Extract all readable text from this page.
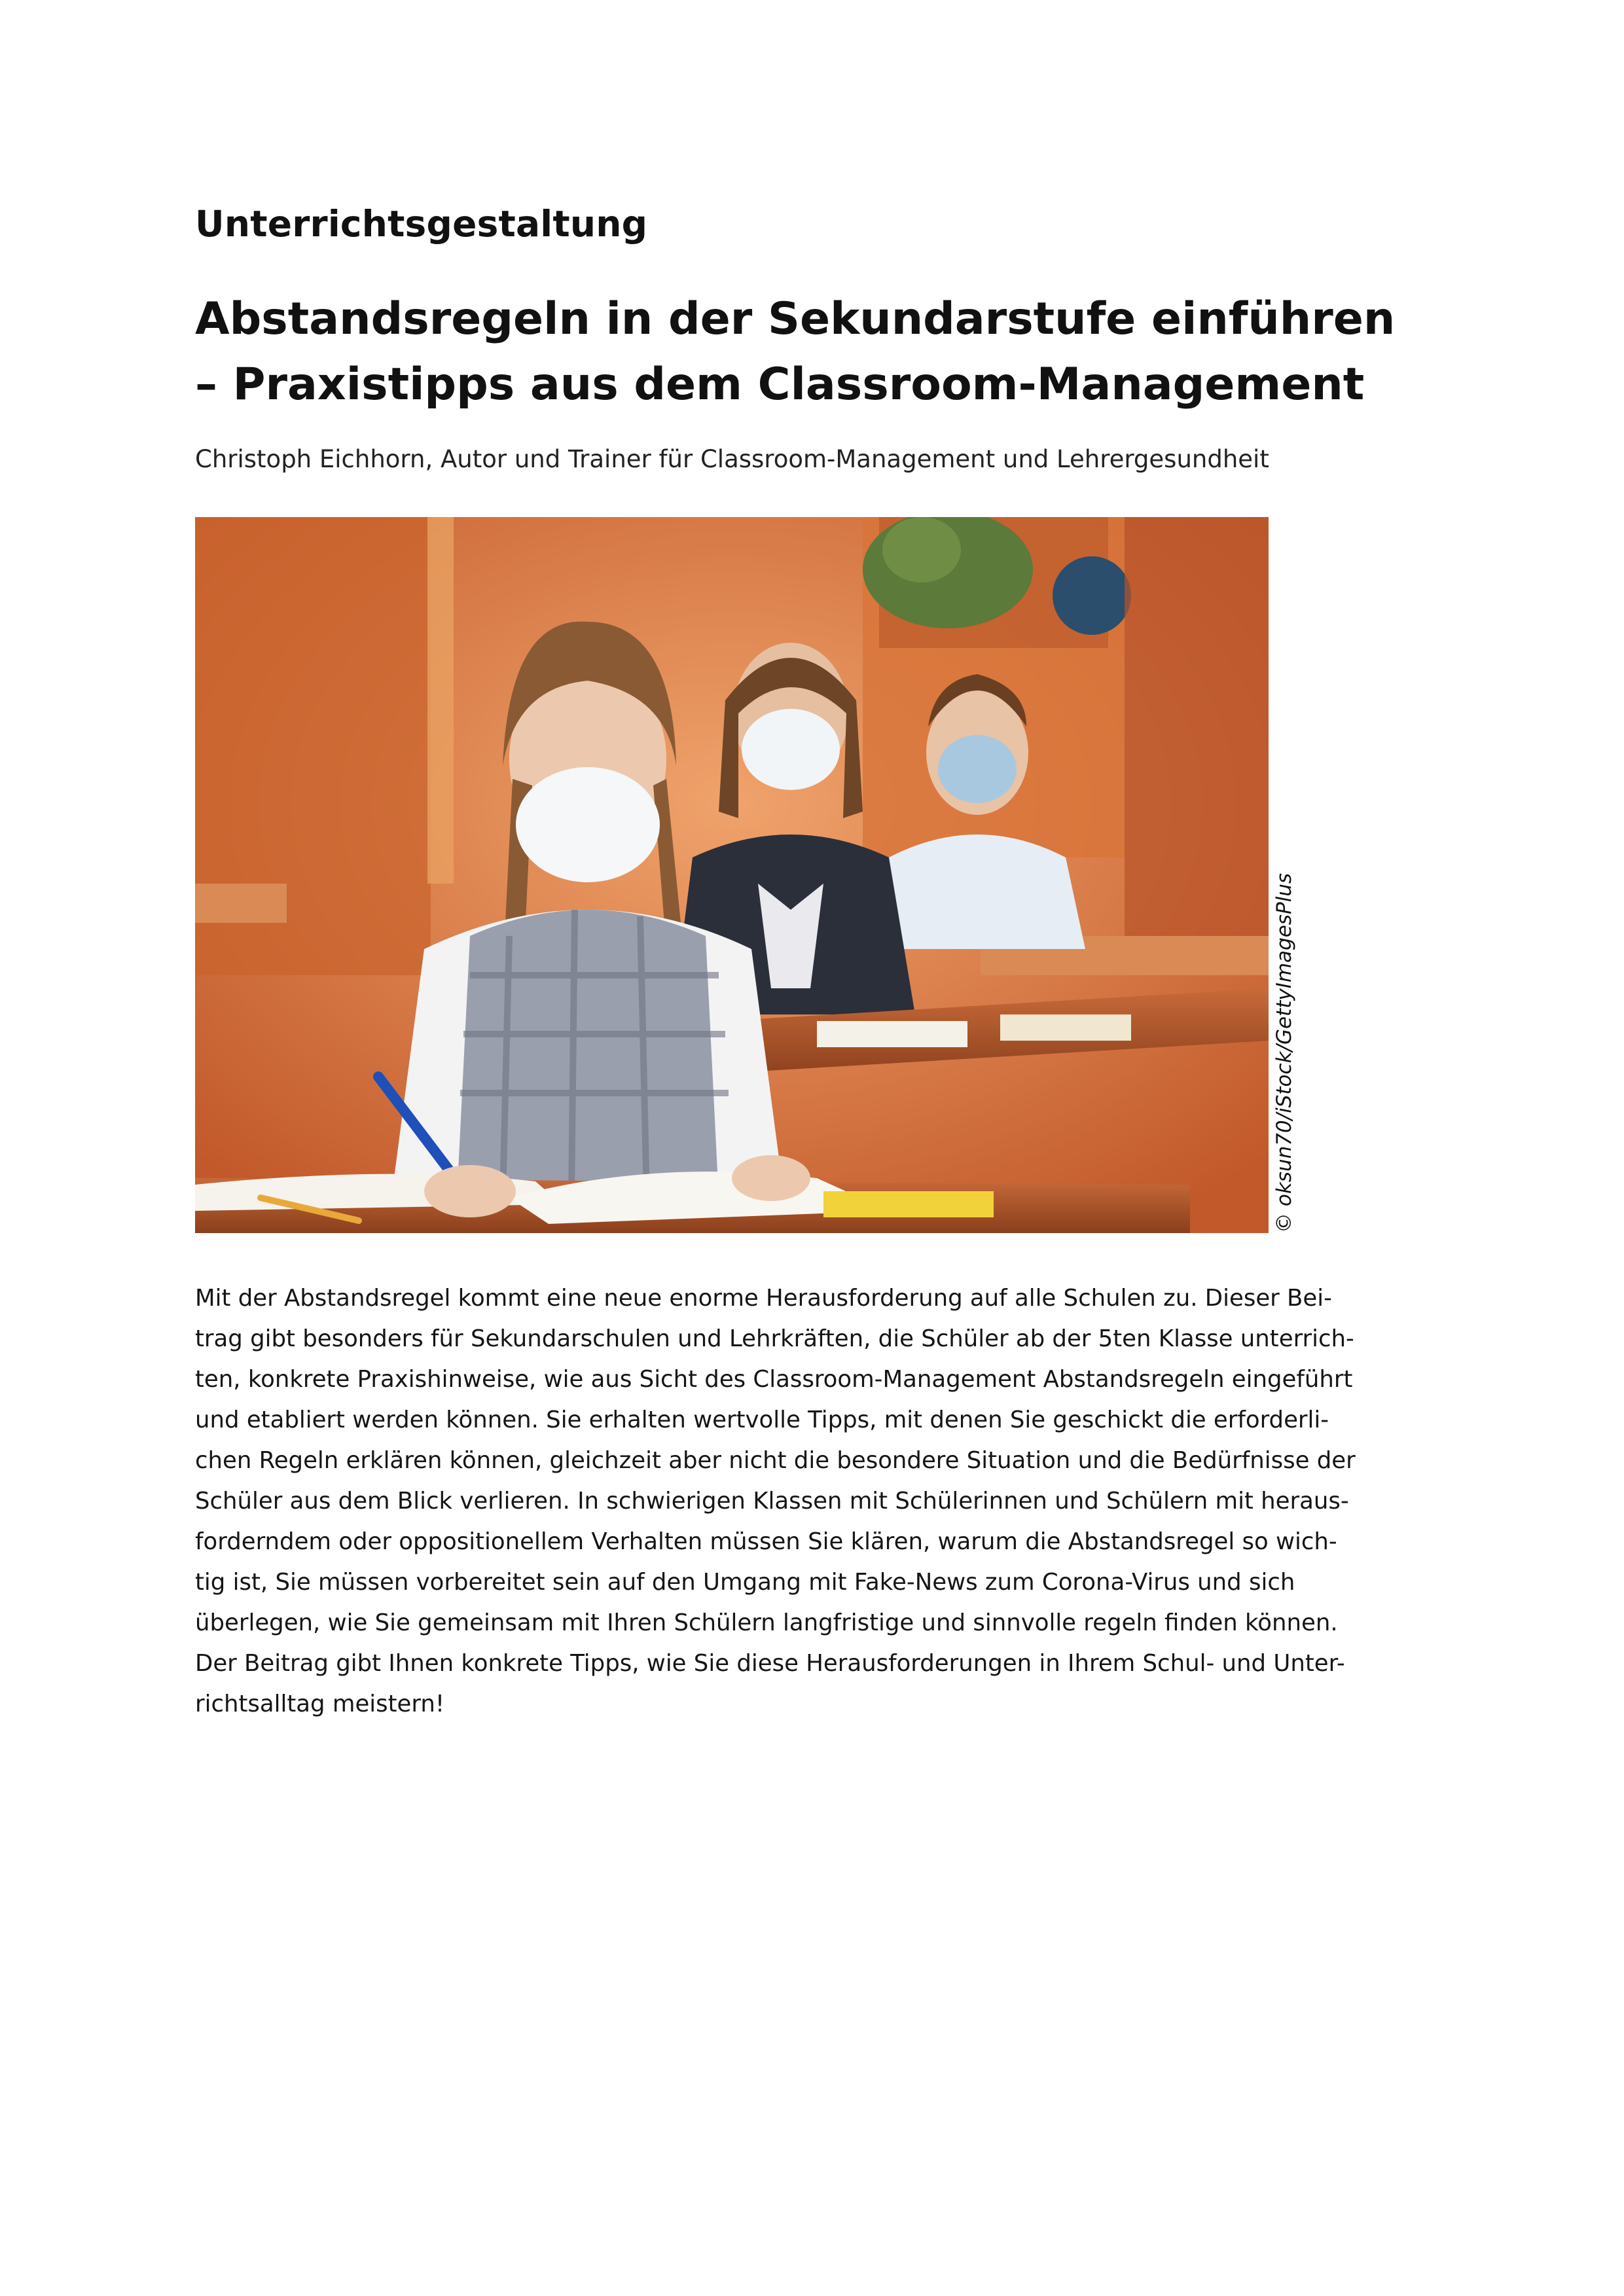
Unterrichtsgestaltung
Abstandsregeln in der Sekundarstufe einführen
– Praxistipps aus dem Classroom-Management

Christoph Eichhorn, Autor und Trainer für Classroom-Management und Lehrergesundheit

© oksun70/iStock/GettyImagesPlus
Mit der Abstandsregel kommt eine neue enorme Herausforderung auf alle Schulen zu. Dieser Bei-
trag gibt besonders für Sekundarschulen und Lehrkräften, die Schüler ab der 5ten Klasse unterrich-
ten, konkrete Praxishinweise, wie aus Sicht des Classroom-Management Abstandsregeln eingeführt
und etabliert werden können. Sie erhalten wertvolle Tipps, mit denen Sie geschickt die erforderli-
chen Regeln erklären können, gleichzeit aber nicht die besondere Situation und die Bedürfnisse der
Schüler aus dem Blick verlieren. In schwierigen Klassen mit Schülerinnen und Schülern mit heraus-
forderndem oder oppositionellem Verhalten müssen Sie klären, warum die Abstandsregel so wich-
tig ist, Sie müssen vorbereitet sein auf den Umgang mit Fake-News zum Corona-Virus und sich
überlegen, wie Sie gemeinsam mit Ihren Schülern langfristige und sinnvolle regeln finden können.
Der Beitrag gibt Ihnen konkrete Tipps, wie Sie diese Herausforderungen in Ihrem Schul- und Unter-
richtsalltag meistern!
